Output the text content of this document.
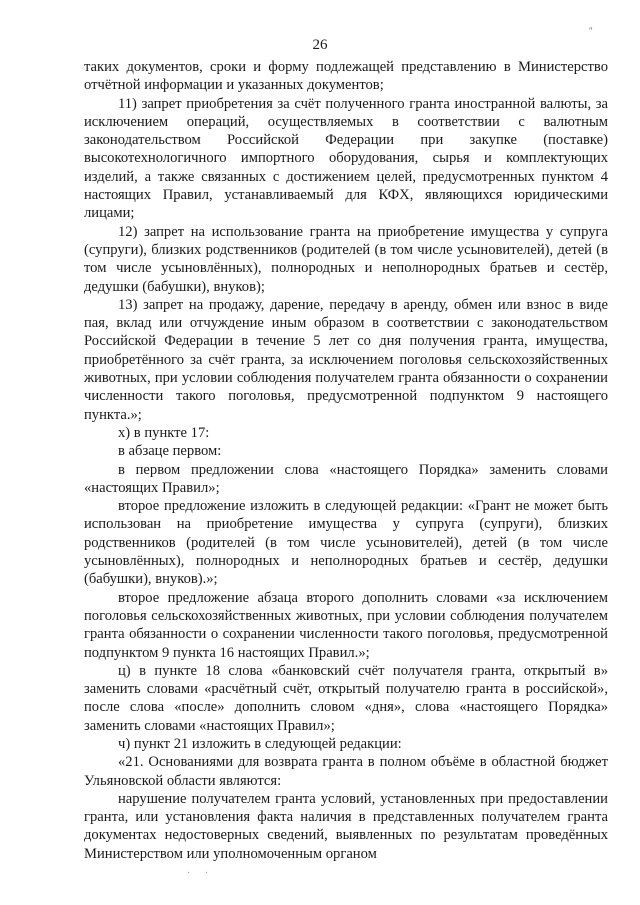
26
″

таких документов, сроки и форму подлежащей представлению в Министерство отчётной информации и указанных документов;

11) запрет приобретения за счёт полученного гранта иностранной валюты, за исключением операций, осуществляемых в соответствии с валютным законодательством Российской Федерации при закупке (поставке) высокотехнологичного импортного оборудования, сырья и комплектующих изделий, а также связанных с достижением целей, предусмотренных пунктом 4 настоящих Правил, устанавливаемый для КФХ, являющихся юридическими лицами;

12) запрет на использование гранта на приобретение имущества у супруга (супруги), близких родственников (родителей (в том числе усыновителей), детей (в том числе усыновлённых), полнородных и неполнородных братьев и сестёр, дедушки (бабушки), внуков);

13) запрет на продажу, дарение, передачу в аренду, обмен или взнос в виде пая, вклад или отчуждение иным образом в соответствии с законодательством Российской Федерации в течение 5 лет со дня получения гранта, имущества, приобретённого за счёт гранта, за исключением поголовья сельскохозяйственных животных, при условии соблюдения получателем гранта обязанности о сохранении численности такого поголовья, предусмотренной подпунктом 9 настоящего пункта.»;

х) в пункте 17:

в абзаце первом:

в первом предложении слова «настоящего Порядка» заменить словами «настоящих Правил»;

второе предложение изложить в следующей редакции: «Грант не может быть использован на приобретение имущества у супруга (супруги), близких родственников (родителей (в том числе усыновителей), детей (в том числе усыновлённых), полнородных и неполнородных братьев и сестёр, дедушки (бабушки), внуков).»;

второе предложение абзаца второго дополнить словами «за исключением поголовья сельскохозяйственных животных, при условии соблюдения получателем гранта обязанности о сохранении численности такого поголовья, предусмотренной подпунктом 9 пункта 16 настоящих Правил.»;

ц) в пункте 18 слова «банковский счёт получателя гранта, открытый в» заменить словами «расчётный счёт, открытый получателю гранта в российской», после слова «после» дополнить словом «дня», слова «настоящего Порядка» заменить словами «настоящих Правил»;

ч) пункт 21 изложить в следующей редакции:

«21. Основаниями для возврата гранта в полном объёме в областной бюджет Ульяновской области являются:

нарушение получателем гранта условий, установленных при предоставлении гранта, или установления факта наличия в представленных получателем гранта документах недостоверных сведений, выявленных по результатам проведённых Министерством или уполномоченным органом

· ·
